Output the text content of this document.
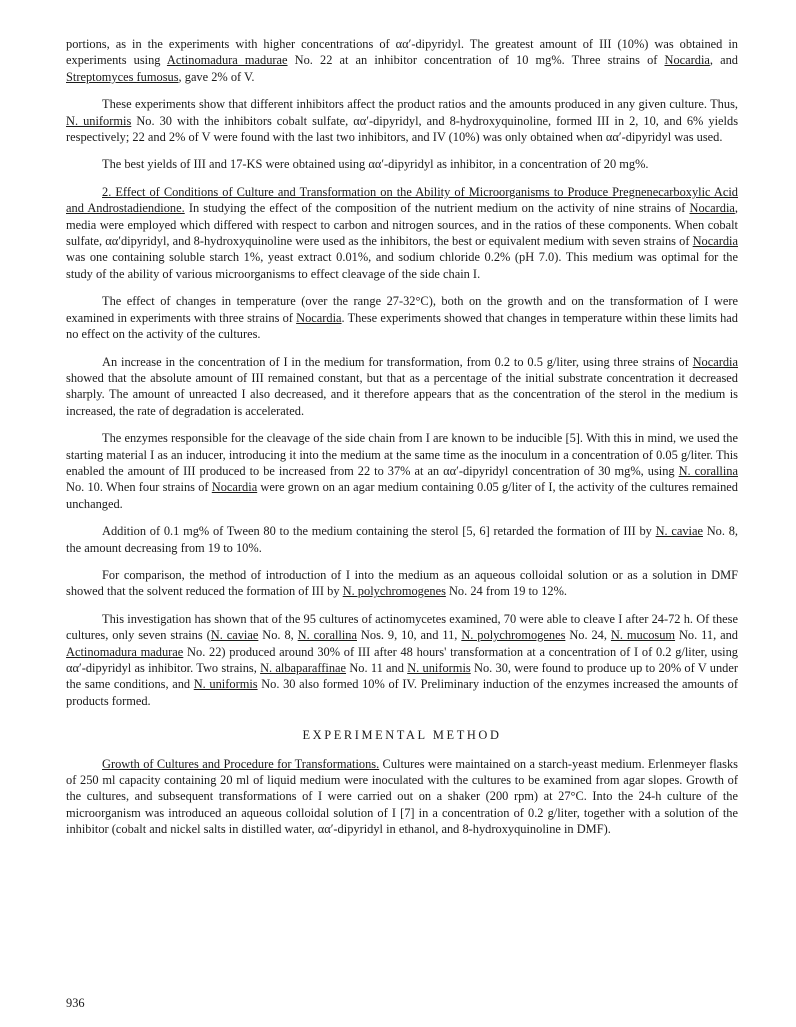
portions, as in the experiments with higher concentrations of αα′-dipyridyl. The greatest amount of III (10%) was obtained in experiments using Actinomadura madurae No. 22 at an inhibitor concentration of 10 mg%. Three strains of Nocardia, and Streptomyces fumosus, gave 2% of V.

These experiments show that different inhibitors affect the product ratios and the amounts produced in any given culture. Thus, N. uniformis No. 30 with the inhibitors cobalt sulfate, αα′-dipyridyl, and 8-hydroxyquinoline, formed III in 2, 10, and 6% yields respectively; 22 and 2% of V were found with the last two inhibitors, and IV (10%) was only obtained when αα′-dipyridyl was used.

The best yields of III and 17-KS were obtained using αα′-dipyridyl as inhibitor, in a concentration of 20 mg%.

2. Effect of Conditions of Culture and Transformation on the Ability of Microorganisms to Produce Pregnenecarboxylic Acid and Androstadiendione. In studying the effect of the composition of the nutrient medium on the activity of nine strains of Nocardia, media were employed which differed with respect to carbon and nitrogen sources, and in the ratios of these components. When cobalt sulfate, αα′dipyridyl, and 8-hydroxyquinoline were used as the inhibitors, the best or equivalent medium with seven strains of Nocardia was one containing soluble starch 1%, yeast extract 0.01%, and sodium chloride 0.2% (pH 7.0). This medium was optimal for the study of the ability of various microorganisms to effect cleavage of the side chain I.

The effect of changes in temperature (over the range 27-32°C), both on the growth and on the transformation of I were examined in experiments with three strains of Nocardia. These experiments showed that changes in temperature within these limits had no effect on the activity of the cultures.

An increase in the concentration of I in the medium for transformation, from 0.2 to 0.5 g/liter, using three strains of Nocardia showed that the absolute amount of III remained constant, but that as a percentage of the initial substrate concentration it decreased sharply. The amount of unreacted I also decreased, and it therefore appears that as the concentration of the sterol in the medium is increased, the rate of degradation is accelerated.

The enzymes responsible for the cleavage of the side chain from I are known to be inducible [5]. With this in mind, we used the starting material I as an inducer, introducing it into the medium at the same time as the inoculum in a concentration of 0.05 g/liter. This enabled the amount of III produced to be increased from 22 to 37% at an αα′-dipyridyl concentration of 30 mg%, using N. corallina No. 10. When four strains of Nocardia were grown on an agar medium containing 0.05 g/liter of I, the activity of the cultures remained unchanged.

Addition of 0.1 mg% of Tween 80 to the medium containing the sterol [5, 6] retarded the formation of III by N. caviae No. 8, the amount decreasing from 19 to 10%.

For comparison, the method of introduction of I into the medium as an aqueous colloidal solution or as a solution in DMF showed that the solvent reduced the formation of III by N. polychromogenes No. 24 from 19 to 12%.

This investigation has shown that of the 95 cultures of actinomycetes examined, 70 were able to cleave I after 24-72 h. Of these cultures, only seven strains (N. caviae No. 8, N. corallina Nos. 9, 10, and 11, N. polychromogenes No. 24, N. mucosum No. 11, and Actinomadura madurae No. 22) produced around 30% of III after 48 hours' transformation at a concentration of I of 0.2 g/liter, using αα′-dipyridyl as inhibitor. Two strains, N. albaparaffinae No. 11 and N. uniformis No. 30, were found to produce up to 20% of V under the same conditions, and N. uniformis No. 30 also formed 10% of IV. Preliminary induction of the enzymes increased the amounts of products formed.

EXPERIMENTAL METHOD

Growth of Cultures and Procedure for Transformations. Cultures were maintained on a starch-yeast medium. Erlenmeyer flasks of 250 ml capacity containing 20 ml of liquid medium were inoculated with the cultures to be examined from agar slopes. Growth of the cultures, and subsequent transformations of I were carried out on a shaker (200 rpm) at 27°C. Into the 24-h culture of the microorganism was introduced an aqueous colloidal solution of I [7] in a concentration of 0.2 g/liter, together with a solution of the inhibitor (cobalt and nickel salts in distilled water, αα′-dipyridyl in ethanol, and 8-hydroxyquinoline in DMF).

936
